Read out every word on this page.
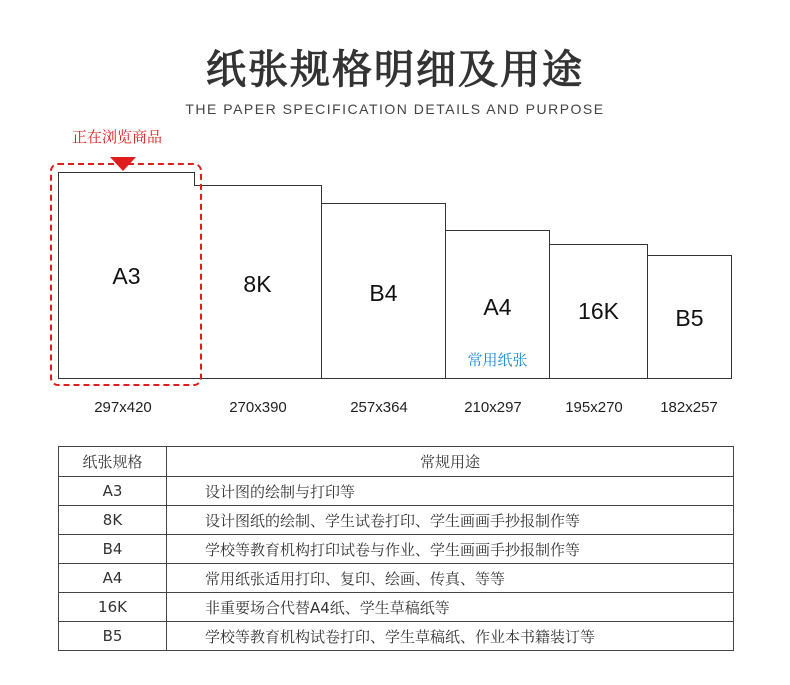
纸张规格明细及用途
THE PAPER SPECIFICATION DETAILS AND PURPOSE
正在浏览商品
A3	8K	B4
A4
常用纸张
16K	B5
297x420	270x390	257x364	210x297	195x270	182x257
纸张规格	常规用途
A3	设计图的绘制与打印等
8K	设计图纸的绘制、学生试卷打印、学生画画手抄报制作等
B4	学校等教育机构打印试卷与作业、学生画画手抄报制作等
A4	常用纸张适用打印、复印、绘画、传真、等等
16K	非重要场合代替A4纸、学生草稿纸等
B5	学校等教育机构试卷打印、学生草稿纸、作业本书籍装订等
